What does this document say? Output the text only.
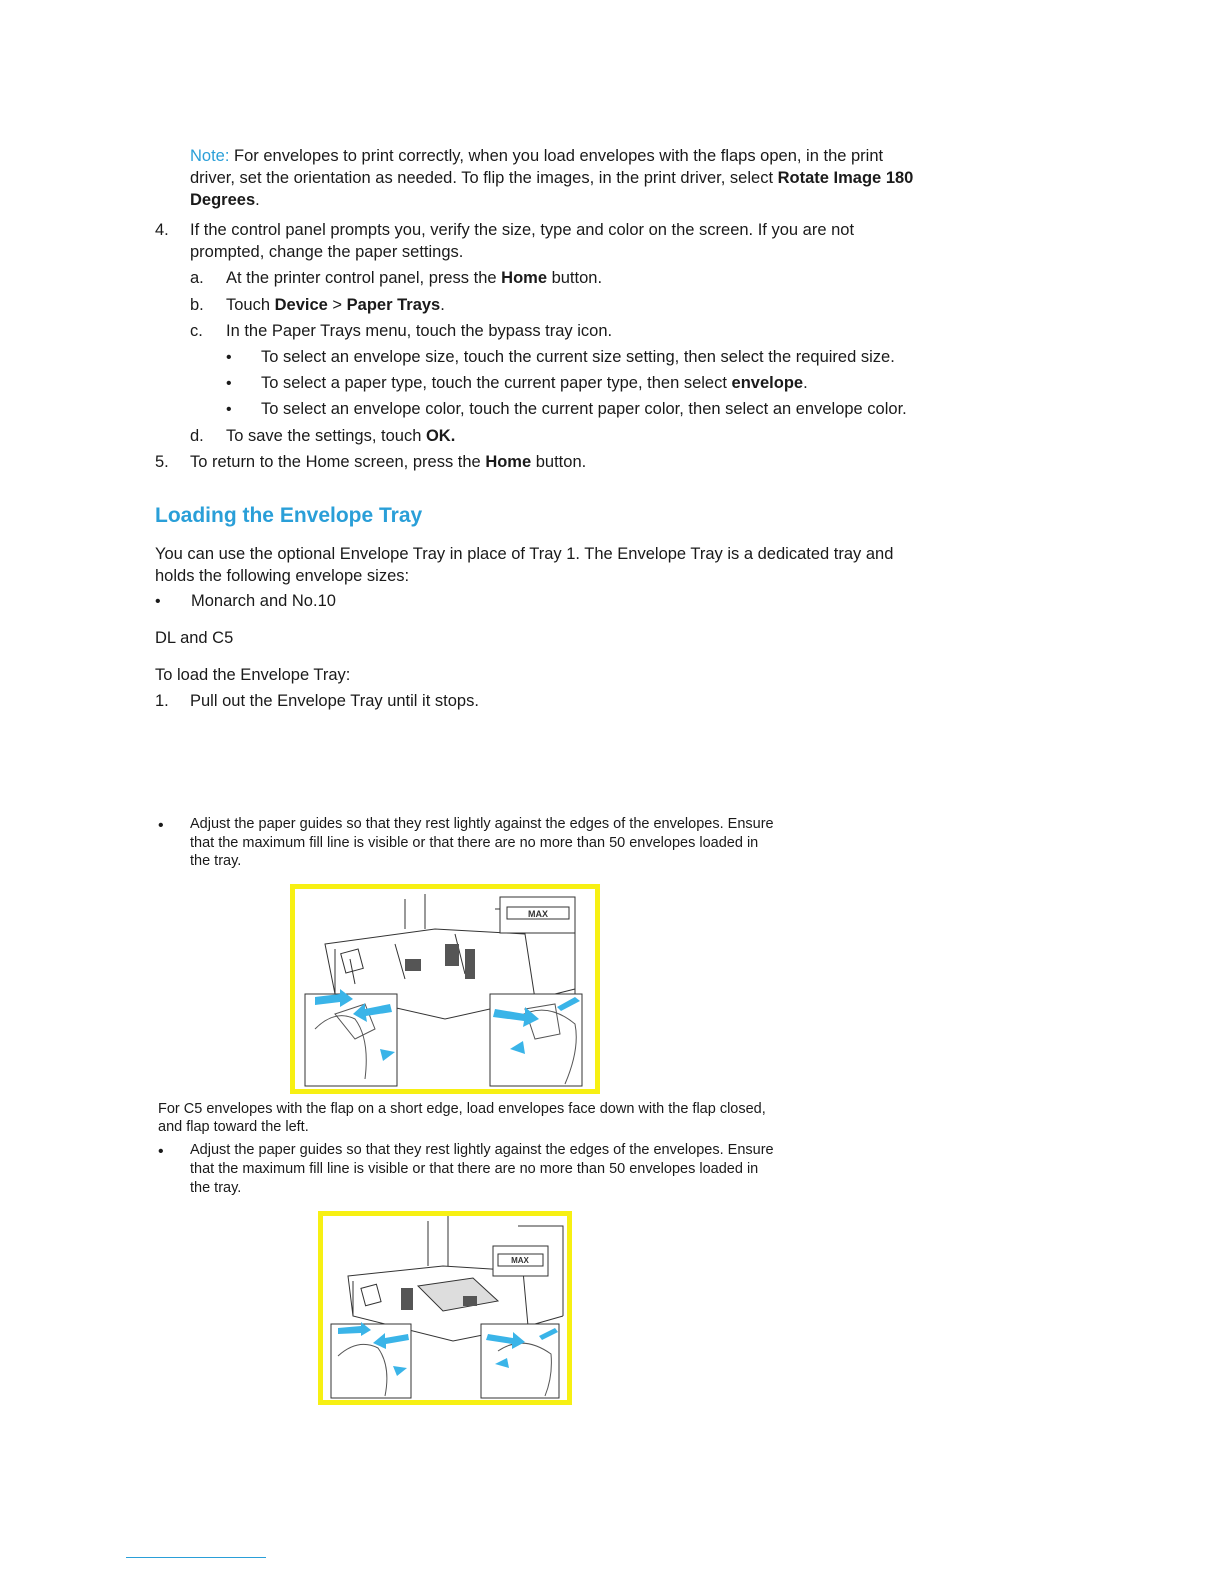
Note: For envelopes to print correctly, when you load envelopes with the flaps open, in the print
driver, set the orientation as needed. To flip the images, in the print driver, select Rotate Image 180
Degrees.
4. If the control panel prompts you, verify the size, type and color on the screen. If you are not
prompted, change the paper settings.
a. At the printer control panel, press the Home button.
b. Touch Device > Paper Trays.
c. In the Paper Trays menu, touch the bypass tray icon.
• To select an envelope size, touch the current size setting, then select the required size.
• To select a paper type, touch the current paper type, then select envelope.
• To select an envelope color, touch the current paper color, then select an envelope color.
d. To save the settings, touch OK.
5. To return to the Home screen, press the Home button.
Loading the Envelope Tray
You can use the optional Envelope Tray in place of Tray 1. The Envelope Tray is a dedicated tray and
holds the following envelope sizes:
• Monarch and No.10
DL and C5
To load the Envelope Tray:
1. Pull out the Envelope Tray until it stops.
• Adjust the paper guides so that they rest lightly against the edges of the envelopes. Ensure
that the maximum fill line is visible or that there are no more than 50 envelopes loaded in
the tray.
MAX
For C5 envelopes with the flap on a short edge, load envelopes face down with the flap closed,
and flap toward the left.
• Adjust the paper guides so that they rest lightly against the edges of the envelopes. Ensure
that the maximum fill line is visible or that there are no more than 50 envelopes loaded in
the tray.
MAX
